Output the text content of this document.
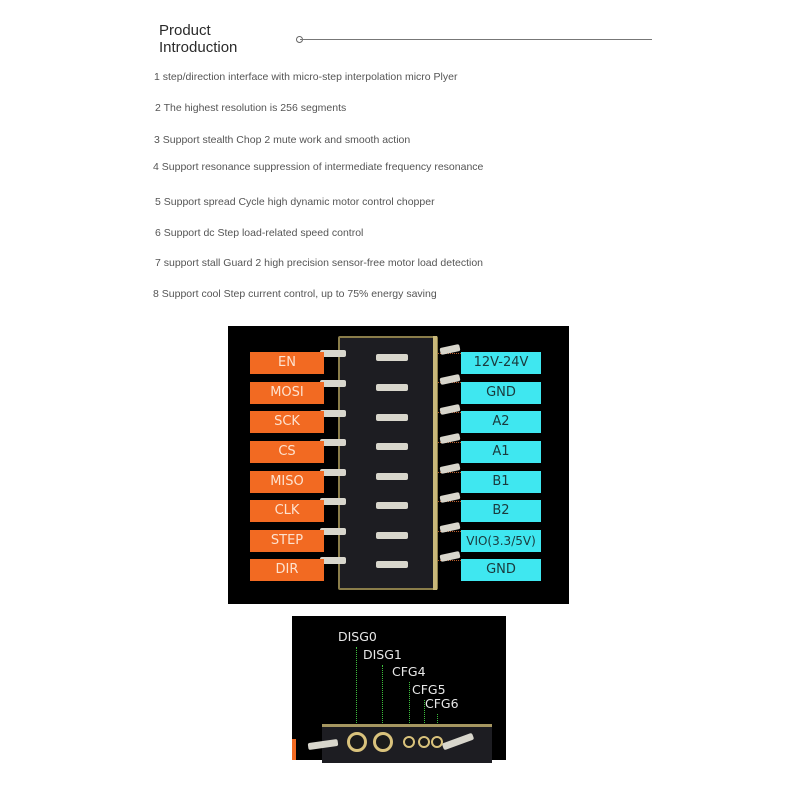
Product
Introduction
1 step/direction interface with micro-step interpolation micro Plyer
2 The highest resolution is 256 segments
3 Support stealth Chop 2 mute work and smooth action
4 Support resonance suppression of intermediate frequency resonance
5 Support spread Cycle high dynamic motor control chopper
6 Support dc Step load-related speed control
7 support stall Guard 2 high precision sensor-free motor load detection
8 Support cool Step current control, up to 75% energy saving
EN
MOSI
SCK
CS
MISO
CLK
STEP
DIR
12V-24V
GND
A2
A1
B1
B2
VIO(3.3/5V)
GND
DISG0
DISG1
CFG4
CFG5
CFG6
